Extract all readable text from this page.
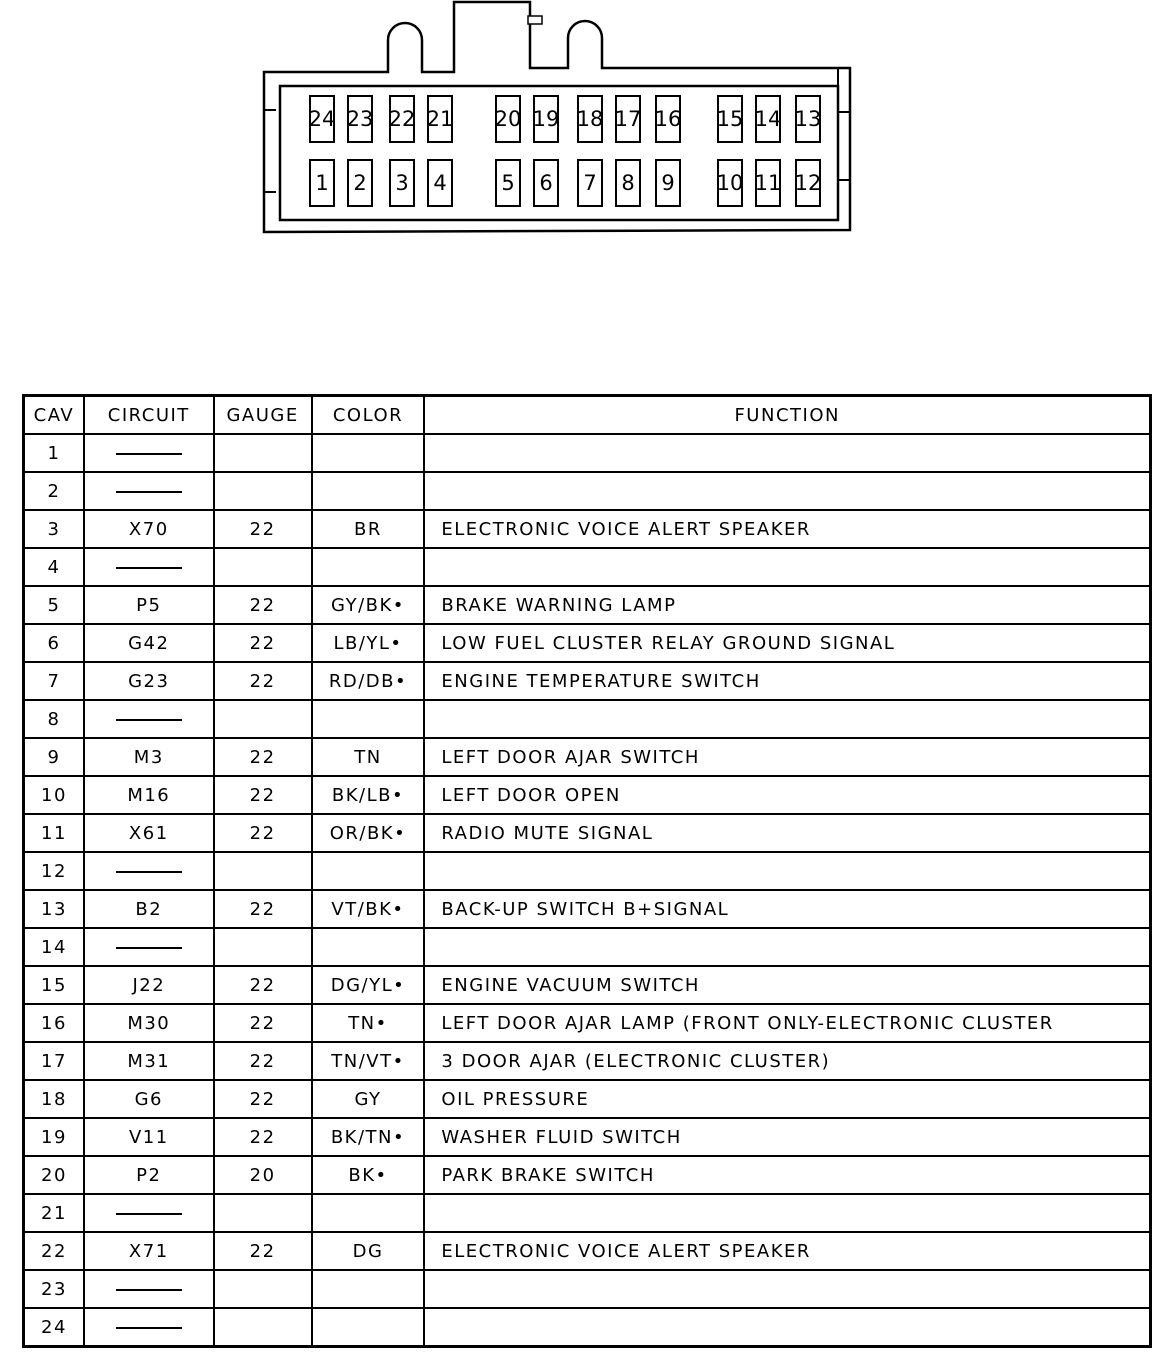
24 23 22 21 20 19 18 17 16 15 14 13
1 2 3 4	5 6 7 8 9 10 11 12
CAV	CIRCUIT	GAUGE	COLOR	FUNCTION
1				
2				
3	X70	22	BR	ELECTRONIC VOICE ALERT SPEAKER
4				
5	P5	22	GY/BK•	BRAKE WARNING LAMP
6	G42	22	LB/YL•	LOW FUEL CLUSTER RELAY GROUND SIGNAL
7	G23	22	RD/DB•	ENGINE TEMPERATURE SWITCH
8				
9	M3	22	TN	LEFT DOOR AJAR SWITCH
10	M16	22	BK/LB•	LEFT DOOR OPEN
11	X61	22	OR/BK•	RADIO MUTE SIGNAL
12				
13	B2	22	VT/BK•	BACK-UP SWITCH B+SIGNAL
14				
15	J22	22	DG/YL•	ENGINE VACUUM SWITCH
16	M30	22	TN•	LEFT DOOR AJAR LAMP (FRONT ONLY-ELECTRONIC CLUSTER
17	M31	22	TN/VT•	3 DOOR AJAR (ELECTRONIC CLUSTER)
18	G6	22	GY	OIL PRESSURE
19	V11	22	BK/TN•	WASHER FLUID SWITCH
20	P2	20	BK•	PARK BRAKE SWITCH
21				
22	X71	22	DG	ELECTRONIC VOICE ALERT SPEAKER
23				
24				
